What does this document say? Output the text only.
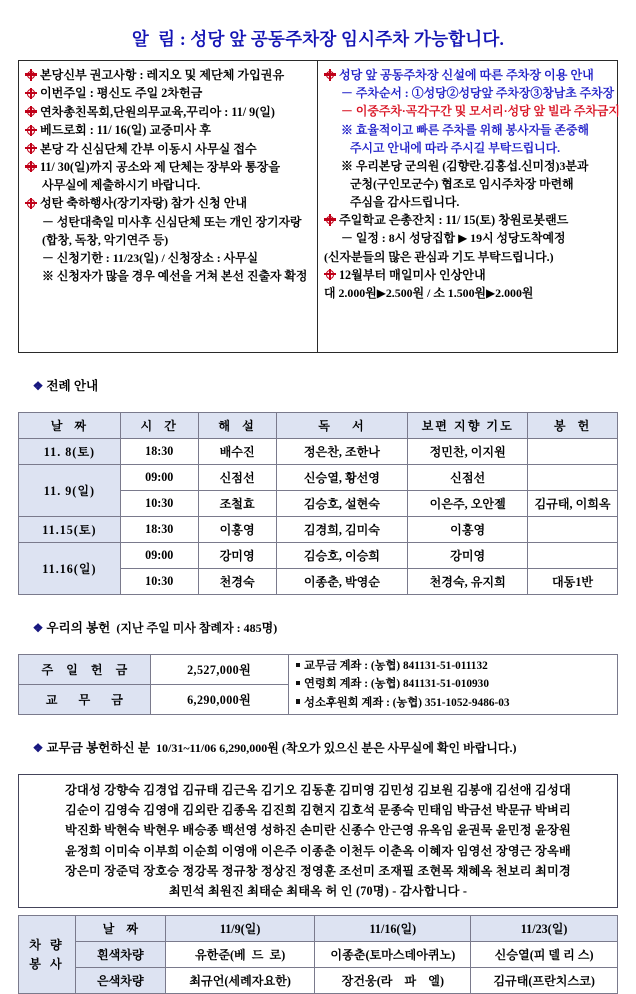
알  림 : 성당 앞 공동주차장 임시주차 가능합니다.
본당신부 권고사항 : 레지오 및 제단체 가입권유
이번주일 : 평신도 주일 2차헌금
연차총친목회,단원의무교육,꾸리아 : 11/ 9(일)
베드로회 : 11/ 16(일) 교중미사 후
본당 각 신심단체 간부 이동시 사무실 접수
11/ 30(일)까지 공소와 제 단체는 장부와 통장을
사무실에 제출하시기 바랍니다.
성탄 축하행사(장기자랑) 참가 신청 안내
－ 성탄대축일 미사후 신심단체 또는 개인 장기자랑
(합창, 독창, 악기연주 등)
－ 신청기한 : 11/23(일) / 신청장소 : 사무실
※ 신청자가 많을 경우 예선을 거쳐 본선 진출자 확정
성당 앞 공동주차장 신설에 따른 주차장 이용 안내
－ 주차순서 : ①성당②성당앞 주차장③창남초 주차장
－ 이중주차·곡각구간 및 모서리·성당 앞 빌라 주차금지
※ 효율적이고 빠른 주차를 위해 봉사자들 존중해
주시고 안내에 따라 주시길 부탁드립니다.
※ 우리본당 군의원 (김향란.김홍섭.신미정)3분과
군청(구인모군수) 협조로 임시주차장 마련해
주심을 감사드립니다.
주일학교 은총잔치 : 11/ 15(토) 창원로봇랜드
－ 일정 : 8시 성당집합 ▶ 19시 성당도착예정
(신자분들의 많은 관심과 기도 부탁드립니다.)
12월부터 매일미사 인상안내
대 2.000원▶2.500원 / 소 1.500원▶2.000원

❖ 전례 안내

날  짜	시  간	해  설	독    서	보편 지향 기도	봉  헌
11. 8(토)	18:30	배수진	정은찬, 조한나	정민찬, 이지원	
11. 9(일)	09:00	신점선	신승열, 황선영	신점선	
	10:30	조철효	김승호, 설현숙	이은주, 오안젤	김규태, 이희옥
11.15(토)	18:30	이홍영	김경희, 김미숙	이홍영	
11.16(일)	09:00	강미영	김승호, 이승희	강미영	
	10:30	천경숙	이종춘, 박영순	천경숙, 유지희	대동1반

❖ 우리의 봉헌 (지난 주일 미사 참례자 : 485명)

주 일 헌 금	2,527,000원	교무금 계좌 : (농협) 841131-51-011132
연령회 계좌 : (농협) 841131-51-010930
성소후원회 계좌 : (농협) 351-1052-9486-03

교  무  금	6,290,000원	

❖ 교무금 봉헌하신 분 10/31~11/06 6,290,000원 (착오가 있으신 분은 사무실에 확인 바랍니다.)

강대성 강향숙 김경업 김규태 김근옥 김기오 김동훈 김미영 김민성 김보원 김봉애 김선애 김성대
김순이 김영숙 김영애 김외란 김종옥 김진희 김현지 김호석 문종숙 민태임 박금선 박문규 박벼리
박진화 박현숙 박현우 배승종 백선영 성하진 손미란 신종수 안근영 유옥임 윤권묵 윤민정 윤장원
윤정희 이미숙 이부희 이순희 이영애 이은주 이종춘 이천두 이춘옥 이혜자 임영선 장영근 장옥배
장은미 장준덕 장호승 정강목 정규창 정상진 정영훈 조선미 조재필 조현목 채혜옥 천보리 최미경
최민석 최원진 최태순 최태옥 허 인 (70명) - 감사합니다 -
차 량
봉 사	날    짜	11/9(일)	11/16(일)	11/23(일)
	흰색차량	유한준(베  드  로)	이종춘(토마스데아퀴노)	신승열(피 델 리 스)
	은색차량	최규언(세례자요한)	장건웅(라    파    엘)	김규태(프란치스코)
